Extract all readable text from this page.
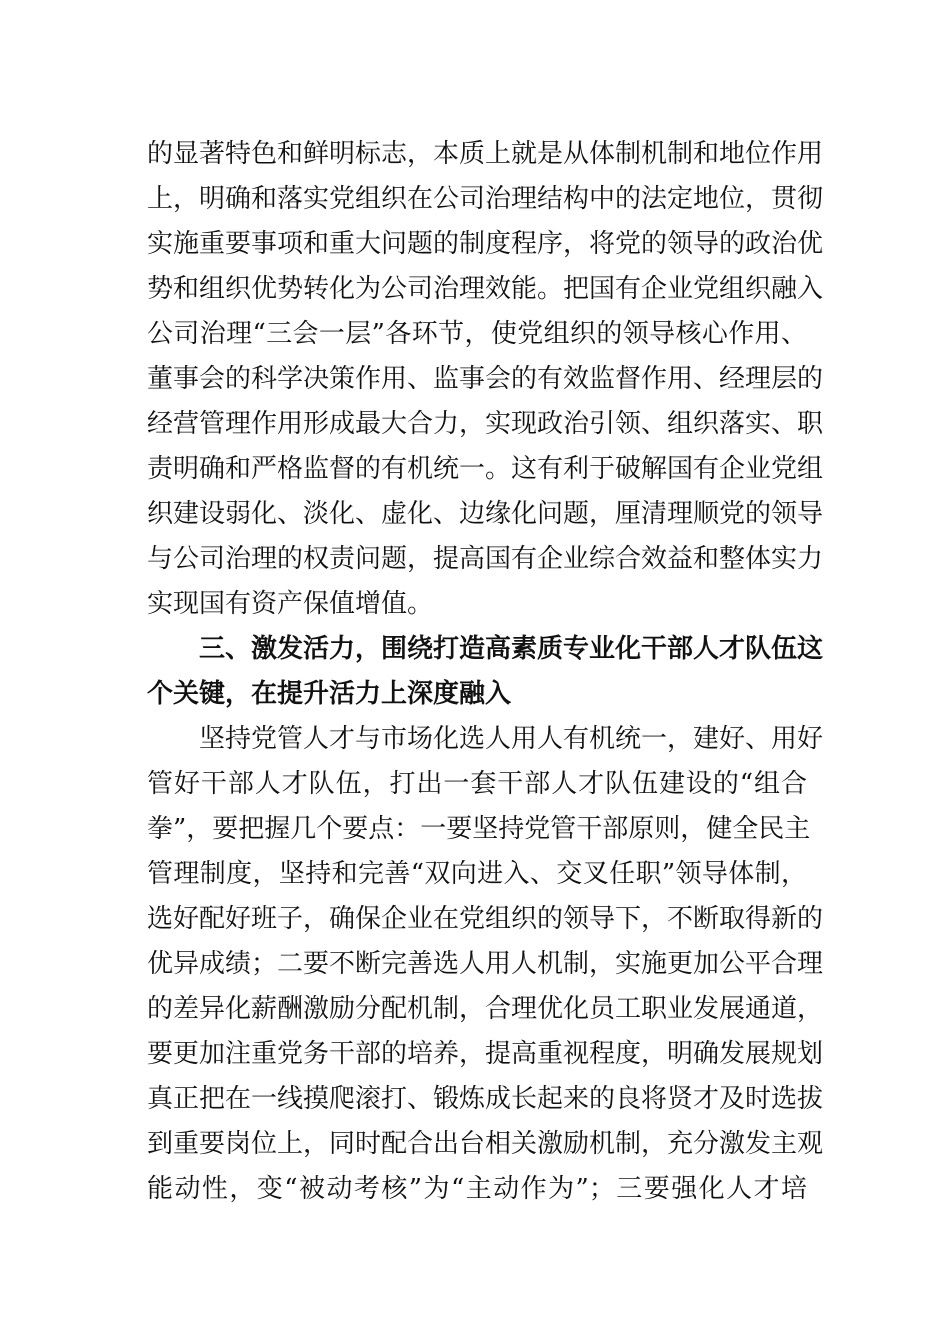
的显著特色和鲜明标志，本质上就是从体制机制和地位作用
上，明确和落实党组织在公司治理结构中的法定地位，贯彻
实施重要事项和重大问题的制度程序，将党的领导的政治优
势和组织优势转化为公司治理效能。把国有企业党组织融入
公司治理“三会一层”各环节，使党组织的领导核心作用、
董事会的科学决策作用、监事会的有效监督作用、经理层的
经营管理作用形成最大合力，实现政治引领、组织落实、职
责明确和严格监督的有机统一。这有利于破解国有企业党组
织建设弱化、淡化、虚化、边缘化问题，厘清理顺党的领导
与公司治理的权责问题，提高国有企业综合效益和整体实力
实现国有资产保值增值。
三、激发活力，围绕打造高素质专业化干部人才队伍这
个关键，在提升活力上深度融入
坚持党管人才与市场化选人用人有机统一，建好、用好
管好干部人才队伍，打出一套干部人才队伍建设的“组合
拳”，要把握几个要点：一要坚持党管干部原则，健全民主
管理制度，坚持和完善“双向进入、交叉任职”领导体制，
选好配好班子，确保企业在党组织的领导下，不断取得新的
优异成绩；二要不断完善选人用人机制，实施更加公平合理
的差异化薪酬激励分配机制，合理优化员工职业发展通道，
要更加注重党务干部的培养，提高重视程度，明确发展规划
真正把在一线摸爬滚打、锻炼成长起来的良将贤才及时选拔
到重要岗位上，同时配合出台相关激励机制，充分激发主观
能动性，变“被动考核”为“主动作为”；三要强化人才培
